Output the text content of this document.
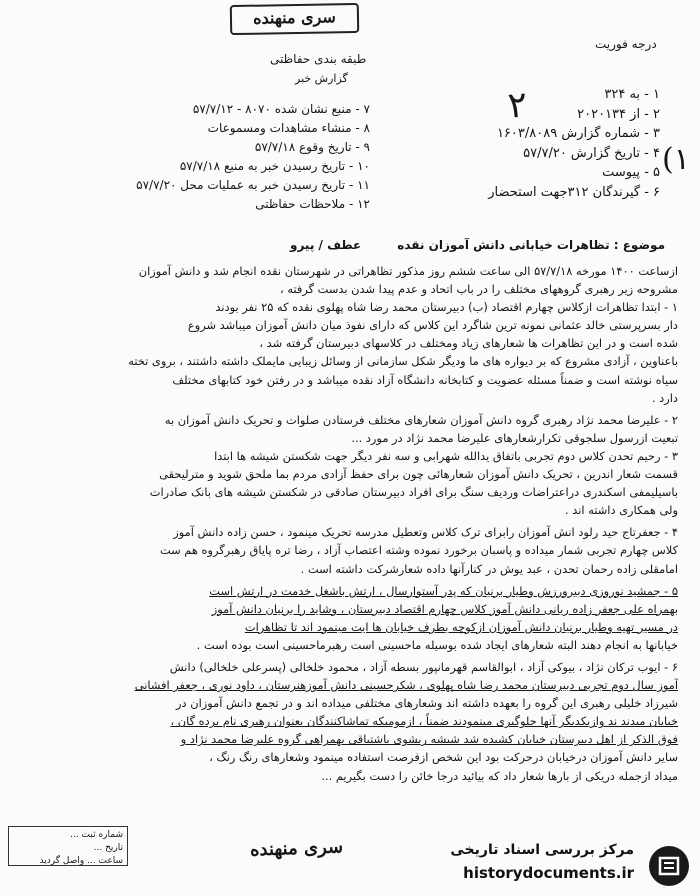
سری منهنده
طبقه بندی حفاظتی
گزارش خبر
درجه فوریت
۲
(۱
۱ - به ۳۲۴
۲ - از ۲۰۲۰۱۳۴
۳ - شماره گزارش ۱۶۰۳/۸۰۸۹
۴ - تاریخ گزارش ۵۷/۷/۲۰
۵ - پیوست
۶ - گیرندگان ۳۱۲جهت استحضار
۷ - منبع نشان شده ۸۰۷۰ - ۵۷/۷/۱۲
۸ - منشاء مشاهدات ومسموعات
۹ - تاریخ وقوع ۵۷/۷/۱۸
۱۰ - تاریخ رسیدن خبر به منبع ۵۷/۷/۱۸
۱۱ - تاریخ رسیدن خبر به عملیات محل ۵۷/۷/۲۰
۱۲ - ملاحظات حفاظتی
موضوع : تظاهرات خیابانی دانش آموزان نقده
عطف / پیرو

ازساعت ۱۴۰۰ مورخه ۵۷/۷/۱۸ الی ساعت ششم روز مذکور تظاهراتی در شهرستان نقده انجام شد و دانش آموزان

مشروحه زیر رهبری گروههای مختلف را در باب اتحاد و عدم پیدا شدن بدست گرفته ،

۱ - ابتدا تظاهرات ازکلاس چهارم اقتصاد (ب) دبیرستان محمد رضا شاه پهلوی نقده که ۲۵ نفر بودند

دار بسرپرستی خالد عثمانی نمونه ترین شاگرد این کلاس که دارای نفوذ میان دانش آموزان میباشد شروع

شده است و در این تظاهرات ها شعارهای زیاد ومختلف در کلاسهای دبیرستان گرفته شد ،

باعناوین ، آزادی مشروع که بر دیواره های ما ودیگر شکل سازمانی از وسائل زیبایی مایملک داشته داشتند ، بروی تخته

سیاه نوشته است و ضمناً مسئله عضویت و کتابخانه دانشگاه آزاد نقده میباشد و در رفتن خود کتابهای مختلف

دارد .

۲ - علیرضا محمد نژاد رهبری گروه دانش آموزان شعارهای مختلف فرستادن صلوات و تحریک دانش آموزان به

تبعیت ازرسول سلجوقی تکرارشعارهای علیرضا محمد نژاد در مورد ...

۳ - رحیم تحدن کلاس دوم تجربی باتفاق یدالله شهرابی و سه نفر دیگر جهت شکستن شیشه ها ابتدا

قسمت شعار اندرین ، تحریک دانش آموزان شعارهائی چون برای حفظ آزادی مردم بما ملحق شوید و مترلیحقی

باسیلیمفی اسکندری دراعتراضات وردیف سنگ برای افراد دبیرستان صادقی در شکستن شیشه های بانک صادرات

ولی همکاری داشته اند .

۴ - جعفرتاج حید رلود انش آموزان رابرای ترک کلاس وتعطیل مدرسه تحریک مینمود ، حسن زاده دانش آموز

کلاس چهارم تجربی شمار میداده و پاسبان برخورد نموده وشته اعتصاب آزاد ، رضا تره پایاق رهبرگروه هم ست

امامقلی زاده رحمان تحدن ، عبد یوش در کنارآنها داده شعارشرکت داشته است .

۵ - جمشید نوروزی دبیرورزش وطیار برنیان که پدر آستوارسال ، ارتش باشغل خدمت در ارتش است

بهمراه علی جعفر زاده ریانی دانش آموز کلاس چهارم اقتصاد دبیرستان ، وشاید را برنیان دانش آموز

در مسیر تهیه وطیار برنیان دانش آموزان ازکوچه بطرف خیابان ها ایت مینمود اند تا تظاهرات

خیابانها به انجام دهند البته شعارهای ایجاد شده بوسیله ماحسینی است رهبرماحسینی است بوده است .

۶ - ایوب ترکان نژاد ، بیوکی آزاد ، ابوالقاسم قهرمانپور بسطه آزاد ، محمود خلخالی (پسرعلی خلخالی) دانش

آموز سال دوم تجربی دبیرستان محمد رضا شاه پهلوی ، شکرحسینی دانش آموزهنرستان ، داود نوری ، جعفر افشانی

شیرزاد خلیلی رهبری این گروه را بعهده داشته اند وشعارهای مختلفی میداده اند و در تجمع دانش آموزان در

خیابان میدند ند وازیکدیگر آنها جلوگیری مینمودند ضمناً ، ازمومیکه تماشاکنندگان بعنوان رهبری نام برده گان ،

فوق الذکر از اهل دبیرستان خیابان کشیده شد شیشه ریشوی باشتیاقی بهمراهی گروه علیرضا محمد نژاد و

سایر دانش آموزان درخیابان درحرکت بود این شخص ازفرصت استفاده مینمود وشعارهای رنگ رنگ ،

میداد ازجمله دریکی از بارها شعار داد که بیائید درجا خائن را دست بگیریم ...

شماره ثبت ...
تاریخ ...
ساعت ... واصل گردید
سری منهنده	مرکز بررسی اسناد تاریخی
historydocuments.ir
